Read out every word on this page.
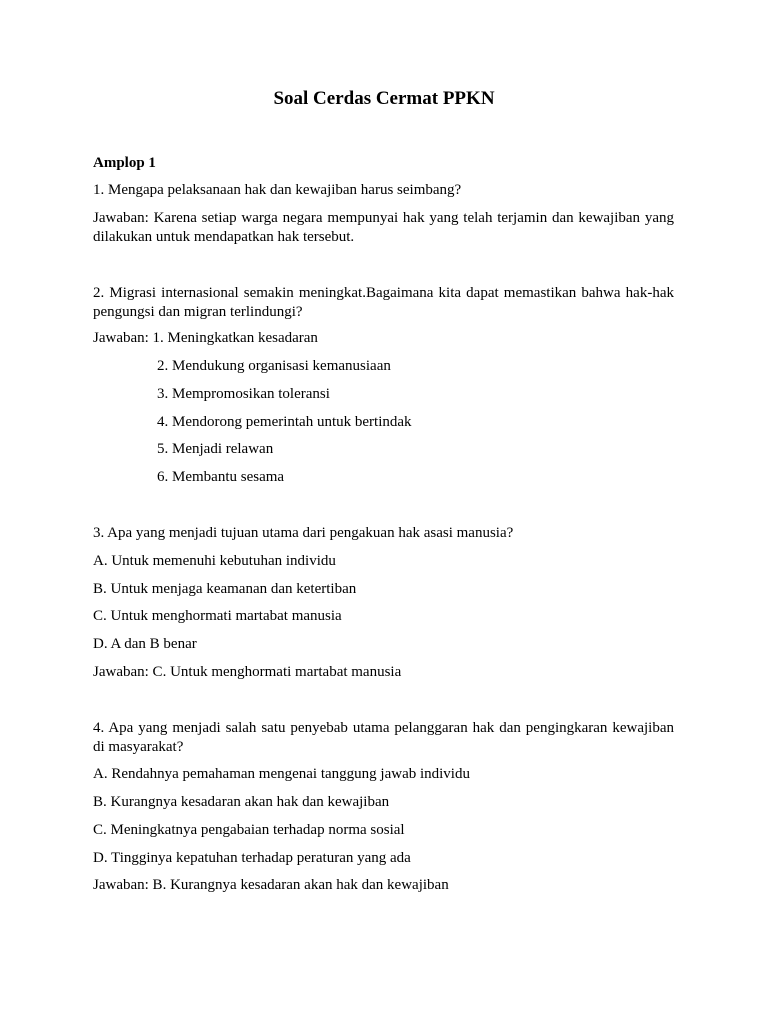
Soal Cerdas Cermat PPKN

Amplop 1

1. Mengapa pelaksanaan hak dan kewajiban harus seimbang?

Jawaban: Karena setiap warga negara mempunyai hak yang telah terjamin dan kewajiban yang dilakukan untuk mendapatkan hak tersebut.

2. Migrasi internasional semakin meningkat.Bagaimana kita dapat memastikan bahwa hak-hak pengungsi dan migran terlindungi?

Jawaban: 1. Meningkatkan kesadaran

2. Mendukung organisasi kemanusiaan

3. Mempromosikan toleransi

4. Mendorong pemerintah untuk bertindak

5. Menjadi relawan

6. Membantu sesama

3. Apa yang menjadi tujuan utama dari pengakuan hak asasi manusia?

A. Untuk memenuhi kebutuhan individu

B. Untuk menjaga keamanan dan ketertiban

C. Untuk menghormati martabat manusia

D. A dan B benar

Jawaban: C. Untuk menghormati martabat manusia

4. Apa yang menjadi salah satu penyebab utama pelanggaran hak dan pengingkaran kewajiban di masyarakat?

A. Rendahnya pemahaman mengenai tanggung jawab individu

B. Kurangnya kesadaran akan hak dan kewajiban

C. Meningkatnya pengabaian terhadap norma sosial

D. Tingginya kepatuhan terhadap peraturan yang ada

Jawaban: B. Kurangnya kesadaran akan hak dan kewajiban
